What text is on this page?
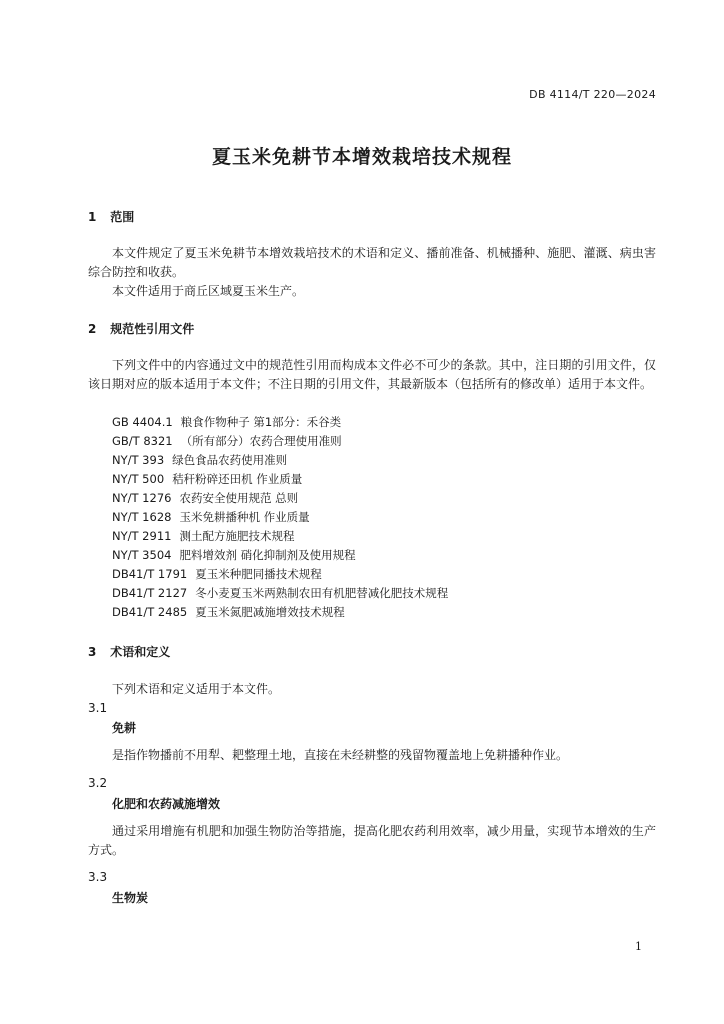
DB 4114/T 220—2024
夏玉米免耕节本增效栽培技术规程
1 范围
本文件规定了夏玉米免耕节本增效栽培技术的术语和定义、播前准备、机械播种、施肥、灌溉、病虫害综合防控和收获。
本文件适用于商丘区域夏玉米生产。
2 规范性引用文件
下列文件中的内容通过文中的规范性引用而构成本文件必不可少的条款。其中，注日期的引用文件，仅该日期对应的版本适用于本文件；不注日期的引用文件，其最新版本（包括所有的修改单）适用于本文件。
GB 4404.1 粮食作物种子 第1部分：禾谷类
GB/T 8321 （所有部分）农药合理使用准则
NY/T 393 绿色食品农药使用准则
NY/T 500 秸秆粉碎还田机 作业质量
NY/T 1276 农药安全使用规范 总则
NY/T 1628 玉米免耕播种机 作业质量
NY/T 2911 测土配方施肥技术规程
NY/T 3504 肥料增效剂 硝化抑制剂及使用规程
DB41/T 1791 夏玉米种肥同播技术规程
DB41/T 2127 冬小麦夏玉米两熟制农田有机肥替减化肥技术规程
DB41/T 2485 夏玉米氮肥减施增效技术规程
3 术语和定义
下列术语和定义适用于本文件。
3.1
免耕
是指作物播前不用犁、耙整理土地，直接在未经耕整的残留物覆盖地上免耕播种作业。
3.2
化肥和农药减施增效
通过采用增施有机肥和加强生物防治等措施，提高化肥农药利用效率，减少用量，实现节本增效的生产方式。
3.3
生物炭
1
